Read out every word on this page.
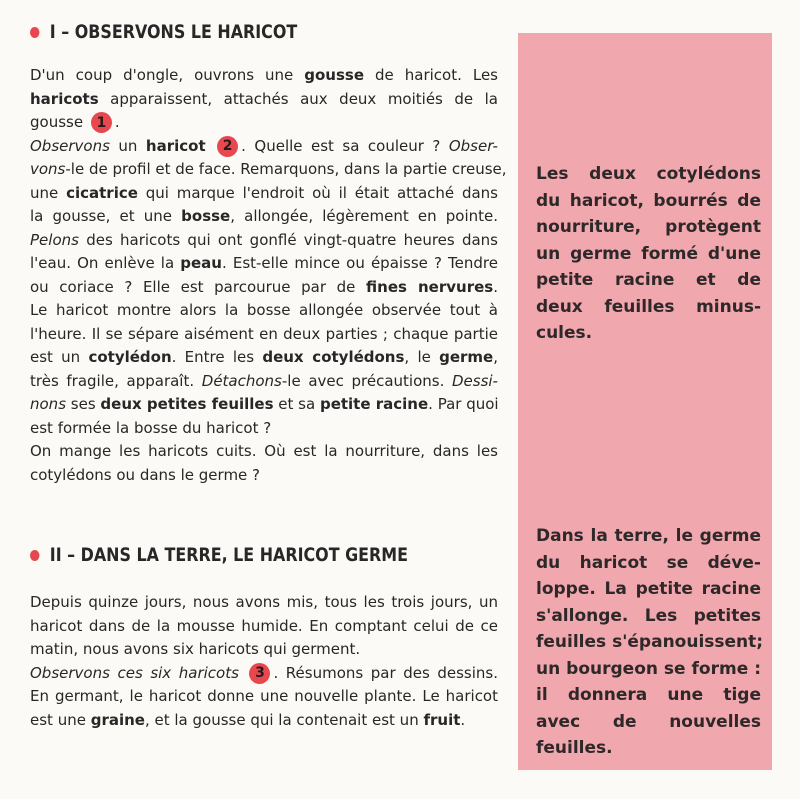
I – OBSERVONS LE HARICOT
D'un coup d'ongle, ouvrons une gousse de haricot. Les
haricots apparaissent, attachés aux deux moitiés de la
gousse 1 .
Observons un haricot 2 . Quelle est sa couleur ? Obser-
vons-le de profil et de face. Remarquons, dans la partie creuse,
une cicatrice qui marque l'endroit où il était attaché dans
la gousse, et une bosse, allongée, légèrement en pointe.
Pelons des haricots qui ont gonflé vingt-quatre heures dans
l'eau. On enlève la peau. Est-elle mince ou épaisse ? Tendre
ou coriace ? Elle est parcourue par de fines nervures.
Le haricot montre alors la bosse allongée observée tout à
l'heure. Il se sépare aisément en deux parties ; chaque partie
est un cotylédon. Entre les deux cotylédons, le germe,
très fragile, apparaît. Détachons-le avec précautions. Dessi-
nons ses deux petites feuilles et sa petite racine. Par quoi
est formée la bosse du haricot ?
On mange les haricots cuits. Où est la nourriture, dans les
cotylédons ou dans le germe ?
II – DANS LA TERRE, LE HARICOT GERME
Depuis quinze jours, nous avons mis, tous les trois jours, un
haricot dans de la mousse humide. En comptant celui de ce
matin, nous avons six haricots qui germent.
Observons ces six haricots 3 . Résumons par des dessins.
En germant, le haricot donne une nouvelle plante. Le haricot
est une graine, et la gousse qui la contenait est un fruit.
Les deux cotylédons
du haricot, bourrés de
nourriture, protègent
un germe formé d'une
petite racine et de
deux feuilles minus-
cules.
Dans la terre, le germe
du haricot se déve-
loppe. La petite racine
s'allonge. Les petites
feuilles s'épanouissent;
un bourgeon se forme :
il donnera une tige
avec de nouvelles
feuilles.
